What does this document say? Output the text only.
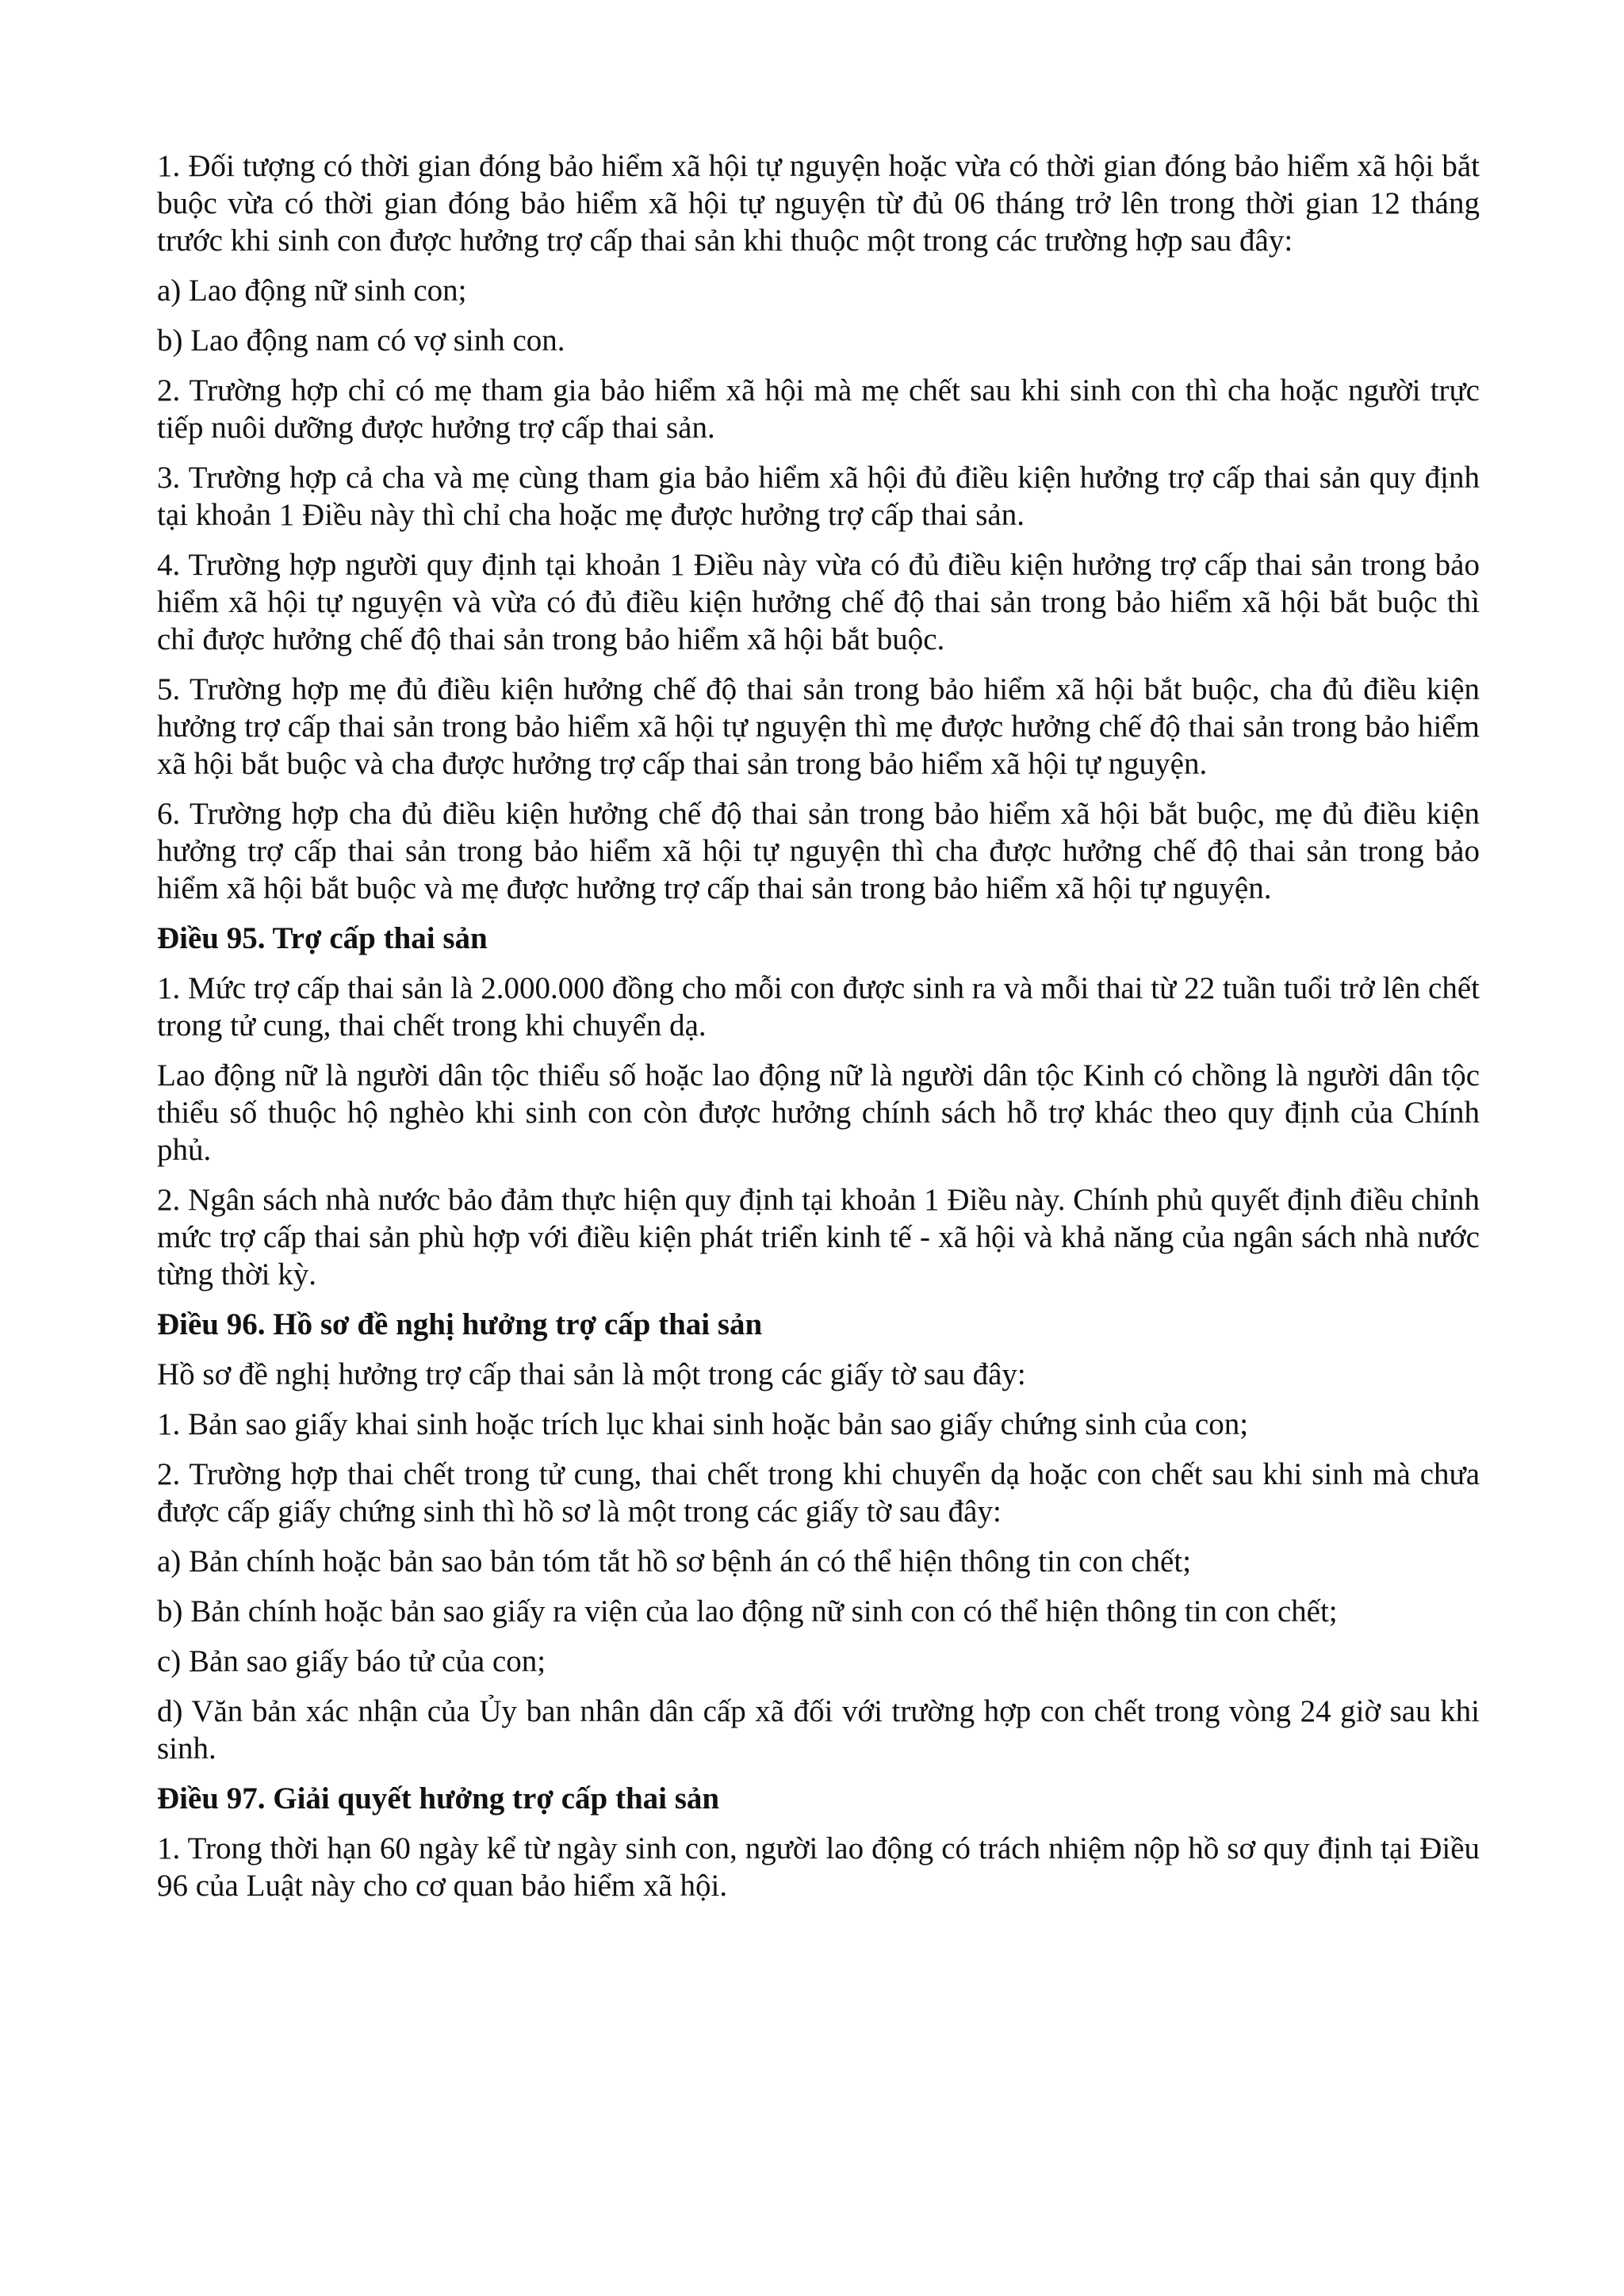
1. Đối tượng có thời gian đóng bảo hiểm xã hội tự nguyện hoặc vừa có thời gian đóng bảo hiểm xã hội bắt buộc vừa có thời gian đóng bảo hiểm xã hội tự nguyện từ đủ 06 tháng trở lên trong thời gian 12 tháng trước khi sinh con được hưởng trợ cấp thai sản khi thuộc một trong các trường hợp sau đây:

a) Lao động nữ sinh con;

b) Lao động nam có vợ sinh con.

2. Trường hợp chỉ có mẹ tham gia bảo hiểm xã hội mà mẹ chết sau khi sinh con thì cha hoặc người trực tiếp nuôi dưỡng được hưởng trợ cấp thai sản.

3. Trường hợp cả cha và mẹ cùng tham gia bảo hiểm xã hội đủ điều kiện hưởng trợ cấp thai sản quy định tại khoản 1 Điều này thì chỉ cha hoặc mẹ được hưởng trợ cấp thai sản.

4. Trường hợp người quy định tại khoản 1 Điều này vừa có đủ điều kiện hưởng trợ cấp thai sản trong bảo hiểm xã hội tự nguyện và vừa có đủ điều kiện hưởng chế độ thai sản trong bảo hiểm xã hội bắt buộc thì chỉ được hưởng chế độ thai sản trong bảo hiểm xã hội bắt buộc.

5. Trường hợp mẹ đủ điều kiện hưởng chế độ thai sản trong bảo hiểm xã hội bắt buộc, cha đủ điều kiện hưởng trợ cấp thai sản trong bảo hiểm xã hội tự nguyện thì mẹ được hưởng chế độ thai sản trong bảo hiểm xã hội bắt buộc và cha được hưởng trợ cấp thai sản trong bảo hiểm xã hội tự nguyện.

6. Trường hợp cha đủ điều kiện hưởng chế độ thai sản trong bảo hiểm xã hội bắt buộc, mẹ đủ điều kiện hưởng trợ cấp thai sản trong bảo hiểm xã hội tự nguyện thì cha được hưởng chế độ thai sản trong bảo hiểm xã hội bắt buộc và mẹ được hưởng trợ cấp thai sản trong bảo hiểm xã hội tự nguyện.

Điều 95. Trợ cấp thai sản

1. Mức trợ cấp thai sản là 2.000.000 đồng cho mỗi con được sinh ra và mỗi thai từ 22 tuần tuổi trở lên chết trong tử cung, thai chết trong khi chuyển dạ.

Lao động nữ là người dân tộc thiểu số hoặc lao động nữ là người dân tộc Kinh có chồng là người dân tộc thiểu số thuộc hộ nghèo khi sinh con còn được hưởng chính sách hỗ trợ khác theo quy định của Chính phủ.

2. Ngân sách nhà nước bảo đảm thực hiện quy định tại khoản 1 Điều này. Chính phủ quyết định điều chỉnh mức trợ cấp thai sản phù hợp với điều kiện phát triển kinh tế - xã hội và khả năng của ngân sách nhà nước từng thời kỳ.

Điều 96. Hồ sơ đề nghị hưởng trợ cấp thai sản

Hồ sơ đề nghị hưởng trợ cấp thai sản là một trong các giấy tờ sau đây:

1. Bản sao giấy khai sinh hoặc trích lục khai sinh hoặc bản sao giấy chứng sinh của con;

2. Trường hợp thai chết trong tử cung, thai chết trong khi chuyển dạ hoặc con chết sau khi sinh mà chưa được cấp giấy chứng sinh thì hồ sơ là một trong các giấy tờ sau đây:

a) Bản chính hoặc bản sao bản tóm tắt hồ sơ bệnh án có thể hiện thông tin con chết;

b) Bản chính hoặc bản sao giấy ra viện của lao động nữ sinh con có thể hiện thông tin con chết;

c) Bản sao giấy báo tử của con;

d) Văn bản xác nhận của Ủy ban nhân dân cấp xã đối với trường hợp con chết trong vòng 24 giờ sau khi sinh.

Điều 97. Giải quyết hưởng trợ cấp thai sản

1. Trong thời hạn 60 ngày kể từ ngày sinh con, người lao động có trách nhiệm nộp hồ sơ quy định tại Điều 96 của Luật này cho cơ quan bảo hiểm xã hội.
